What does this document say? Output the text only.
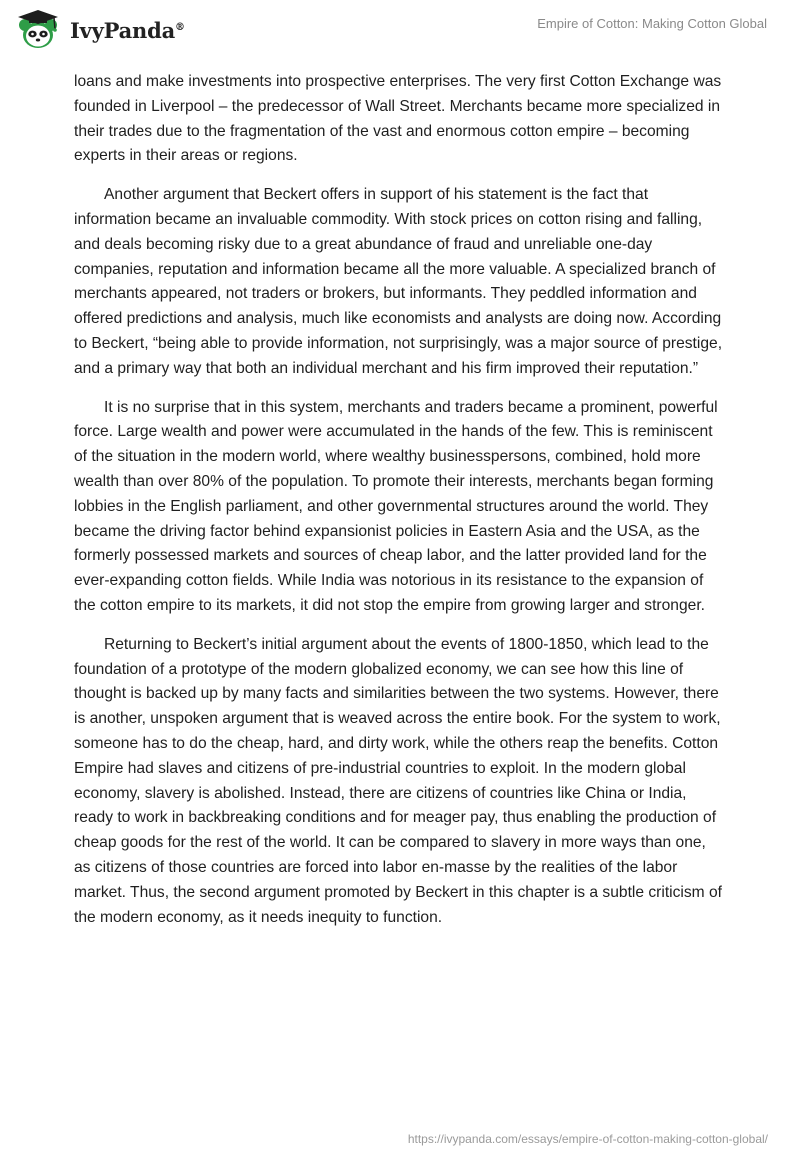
IvyPanda®	Empire of Cotton: Making Cotton Global

loans and make investments into prospective enterprises. The very first Cotton Exchange was founded in Liverpool – the predecessor of Wall Street. Merchants became more specialized in their trades due to the fragmentation of the vast and enormous cotton empire – becoming experts in their areas or regions.

Another argument that Beckert offers in support of his statement is the fact that information became an invaluable commodity. With stock prices on cotton rising and falling, and deals becoming risky due to a great abundance of fraud and unreliable one-day companies, reputation and information became all the more valuable. A specialized branch of merchants appeared, not traders or brokers, but informants. They peddled information and offered predictions and analysis, much like economists and analysts are doing now. According to Beckert, “being able to provide information, not surprisingly, was a major source of prestige, and a primary way that both an individual merchant and his firm improved their reputation.”

It is no surprise that in this system, merchants and traders became a prominent, powerful force. Large wealth and power were accumulated in the hands of the few. This is reminiscent of the situation in the modern world, where wealthy businesspersons, combined, hold more wealth than over 80% of the population. To promote their interests, merchants began forming lobbies in the English parliament, and other governmental structures around the world. They became the driving factor behind expansionist policies in Eastern Asia and the USA, as the formerly possessed markets and sources of cheap labor, and the latter provided land for the ever-expanding cotton fields. While India was notorious in its resistance to the expansion of the cotton empire to its markets, it did not stop the empire from growing larger and stronger.

Returning to Beckert’s initial argument about the events of 1800-1850, which lead to the foundation of a prototype of the modern globalized economy, we can see how this line of thought is backed up by many facts and similarities between the two systems. However, there is another, unspoken argument that is weaved across the entire book. For the system to work, someone has to do the cheap, hard, and dirty work, while the others reap the benefits. Cotton Empire had slaves and citizens of pre-industrial countries to exploit. In the modern global economy, slavery is abolished. Instead, there are citizens of countries like China or India, ready to work in backbreaking conditions and for meager pay, thus enabling the production of cheap goods for the rest of the world. It can be compared to slavery in more ways than one, as citizens of those countries are forced into labor en-masse by the realities of the labor market. Thus, the second argument promoted by Beckert in this chapter is a subtle criticism of the modern economy, as it needs inequity to function.

https://ivypanda.com/essays/empire-of-cotton-making-cotton-global/
